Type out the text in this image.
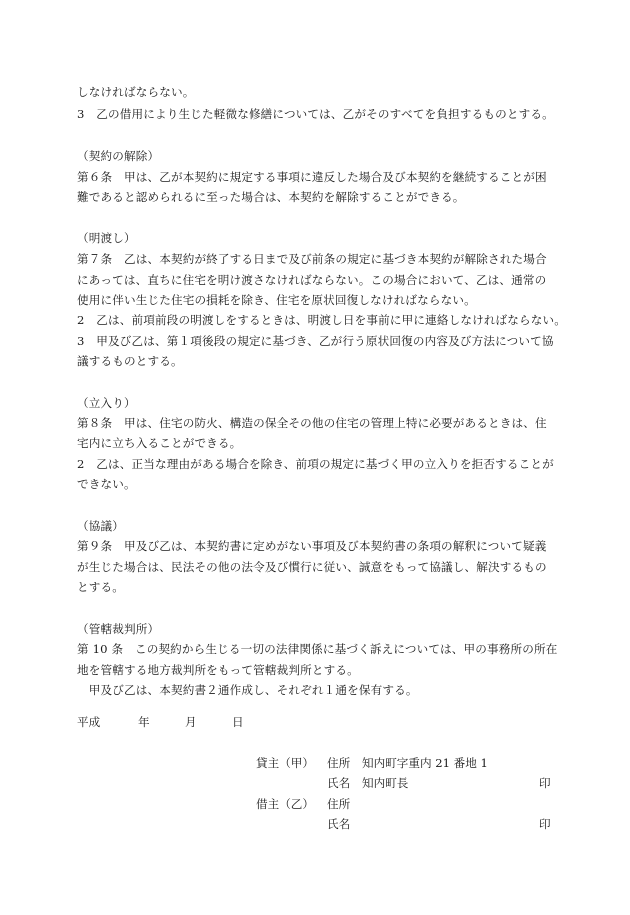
しなければならない。
3　乙の借用により生じた軽微な修繕については、乙がそのすべてを負担するものとする。
（契約の解除）
第６条　甲は、乙が本契約に規定する事項に違反した場合及び本契約を継続することが困
難であると認められるに至った場合は、本契約を解除することができる。
（明渡し）
第７条　乙は、本契約が終了する日まで及び前条の規定に基づき本契約が解除された場合
にあっては、直ちに住宅を明け渡さなければならない。この場合において、乙は、通常の
使用に伴い生じた住宅の損耗を除き、住宅を原状回復しなければならない。
2　乙は、前項前段の明渡しをするときは、明渡し日を事前に甲に連絡しなければならない。
3　甲及び乙は、第１項後段の規定に基づき、乙が行う原状回復の内容及び方法について協
議するものとする。
（立入り）
第８条　甲は、住宅の防火、構造の保全その他の住宅の管理上特に必要があるときは、住
宅内に立ち入ることができる。
2　乙は、正当な理由がある場合を除き、前項の規定に基づく甲の立入りを拒否することが
できない。
（協議）
第９条　甲及び乙は、本契約書に定めがない事項及び本契約書の条項の解釈について疑義
が生じた場合は、民法その他の法令及び慣行に従い、誠意をもって協議し、解決するもの
とする。
（管轄裁判所）
第 10 条　この契約から生じる一切の法律関係に基づく訴えについては、甲の事務所の所在
地を管轄する地方裁判所をもって管轄裁判所とする。
　甲及び乙は、本契約書２通作成し、それぞれ１通を保有する。
平成	年	月	日
貸主（甲） 住所 知内町字重内 21 番地 1
氏名 知内町長	印
借主（乙） 住所
氏名	印
